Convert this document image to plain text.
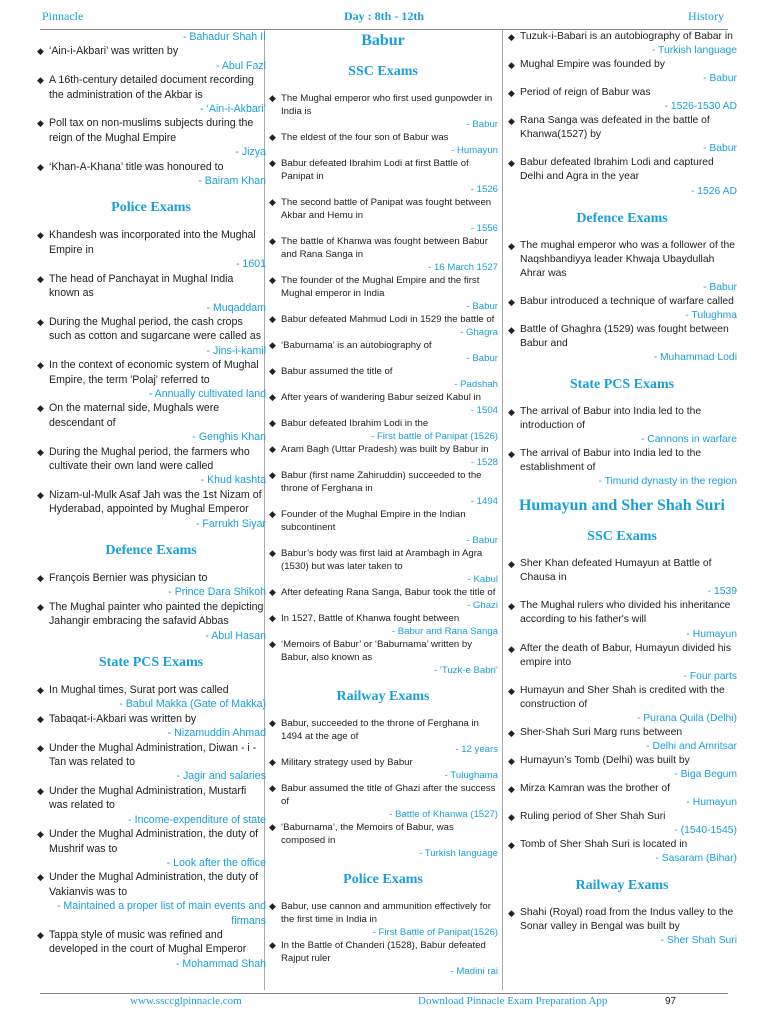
Pinnacle	Day : 8th - 12th	History
- Bahadur Shah II
◆ ‘Ain-i-Akbari’ was written by
- Abul Fazl
◆ A 16th-century detailed document recording the administration of the Akbar is
- ‘Ain-i-Akbari’
◆ Poll tax on non-muslims subjects during the reign of the Mughal Empire
- Jizya
◆ ‘Khan-A-Khana’ title was honoured to
- Bairam Khan
Police Exams
◆ Khandesh was incorporated into the Mughal Empire in
- 1601
◆ The head of Panchayat in Mughal India known as
- Muqaddam
◆ During the Mughal period, the cash crops such as cotton and sugarcane were called as
- Jins-i-kamil
◆ In the context of economic system of Mughal Empire, the term 'Polaj' referred to
- Annually cultivated land
◆ On the maternal side, Mughals were descendant of
- Genghis Khan
◆ During the Mughal period, the farmers who cultivate their own land were called
- Khud kashta
◆ Nizam-ul-Mulk Asaf Jah was the 1st Nizam of Hyderabad, appointed by Mughal Emperor
- Farrukh Siyar
Defence Exams
◆ François Bernier was physician to
- Prince Dara Shikoh
◆ The Mughal painter who painted the depicting Jahangir embracing the safavid Abbas
- Abul Hasan
State PCS Exams
◆ In Mughal times, Surat port was called
- Babul Makka (Gate of Makka)
◆ Tabaqat-i-Akbari was written by
- Nizamuddin Ahmad
◆ Under the Mughal Administration, Diwan - i - Tan was related to
- Jagir and salaries
◆ Under the Mughal Administration, Mustarfi was related to
- Income-expenditure of state
◆ Under the Mughal Administration, the duty of Mushrif was to
- Look after the office
◆ Under the Mughal Administration, the duty of Vakianvis was to
- Maintained a proper list of main events and firmans
◆ Tappa style of music was refined and developed in the court of Mughal Emperor
- Mohammad Shah
Babur
SSC Exams
◆ The Mughal emperor who first used gunpowder in India is
- Babur
◆ The eldest of the four son of Babur was
- Humayun
◆ Babur defeated Ibrahim Lodi at first Battle of Panipat in
- 1526
◆ The second battle of Panipat was fought between Akbar and Hemu in
- 1556
◆ The battle of Khanwa was fought between Babur and Rana Sanga in
- 16 March 1527
◆ The founder of the Mughal Empire and the first Mughal emperor in India
- Babur
◆ Babur defeated Mahmud Lodi in 1529 the battle of
- Ghagra
◆ ‘Baburnama’ is an autobiography of
- Babur
◆ Babur assumed the title of
- Padshah
◆ After years of wandering Babur seized Kabul in
- 1504
◆ Babur defeated Ibrahim Lodi in the
- First battle of Panipat (1526)
◆ Aram Bagh (Uttar Pradesh) was built by Babur in
- 1528
◆ Babur (first name Zahiruddin) succeeded to the throne of Ferghana in
- 1494
◆ Founder of the Mughal Empire in the Indian subcontinent
- Babur
◆ Babur’s body was first laid at Arambagh in Agra (1530) but was later taken to
- Kabul
◆ After defeating Rana Sanga, Babur took the title of
- Ghazi
◆ In 1527, Battle of Khanwa fought between
- Babur and Rana Sanga
◆ ‘Memoirs of Babur’ or ‘Baburnama’ written by Babur, also known as
- ‘Tuzk-e Babri’
Railway Exams
◆ Babur, succeeded to the throne of Ferghana in 1494 at the age of
- 12 years
◆ Military strategy used by Babur
- Tulughama
◆ Babur assumed the title of Ghazi after the success of
- Battle of Khanwa (1527)
◆ ‘Baburnama’, the Memoirs of Babur, was composed in
- Turkish language
Police Exams
◆ Babur, use cannon and ammunition effectively for the first time in India in
- First Battle of Panipat(1526)
◆ In the Battle of Chanderi (1528), Babur defeated Rajput ruler
- Madini rai
◆ Tuzuk-i-Babari is an autobiography of Babar in
- Turkish language
◆ Mughal Empire was founded by
- Babur
◆ Period of reign of Babur was
- 1526-1530 AD
◆ Rana Sanga was defeated in the battle of Khanwa(1527) by
- Babur
◆ Babur defeated Ibrahim Lodi and captured Delhi and Agra in the year
- 1526 AD
Defence Exams
◆ The mughal emperor who was a follower of the Naqshbandiyya leader Khwaja Ubaydullah Ahrar was
- Babur
◆ Babur introduced a technique of warfare called
- Tulughma
◆ Battle of Ghaghra (1529) was fought between Babur and
- Muhammad Lodi
State PCS Exams
◆ The arrival of Babur into India led to the introduction of
- Cannons in warfare
◆ The arrival of Babur into India led to the establishment of
- Timurid dynasty in the region
Humayun and Sher Shah Suri
SSC Exams
◆ Sher Khan defeated Humayun at Battle of Chausa in
- 1539
◆ The Mughal rulers who divided his inheritance according to his father's will
- Humayun
◆ After the death of Babur, Humayun divided his empire into
- Four parts
◆ Humayun and Sher Shah is credited with the construction of
- Purana Quila (Delhi)
◆ Sher-Shah Suri Marg runs between
- Delhi and Amritsar
◆ Humayun’s Tomb (Delhi) was built by
- Biga Begum
◆ Mirza Kamran was the brother of
- Humayun
◆ Ruling period of Sher Shah Suri
- (1540-1545)
◆ Tomb of Sher Shah Suri is located in
- Sasaram (Bihar)
Railway Exams
◆ Shahi (Royal) road from the Indus valley to the Sonar valley in Bengal was built by
- Sher Shah Suri
www.ssccglpinnacle.com	Download Pinnacle Exam Preparation App	97
